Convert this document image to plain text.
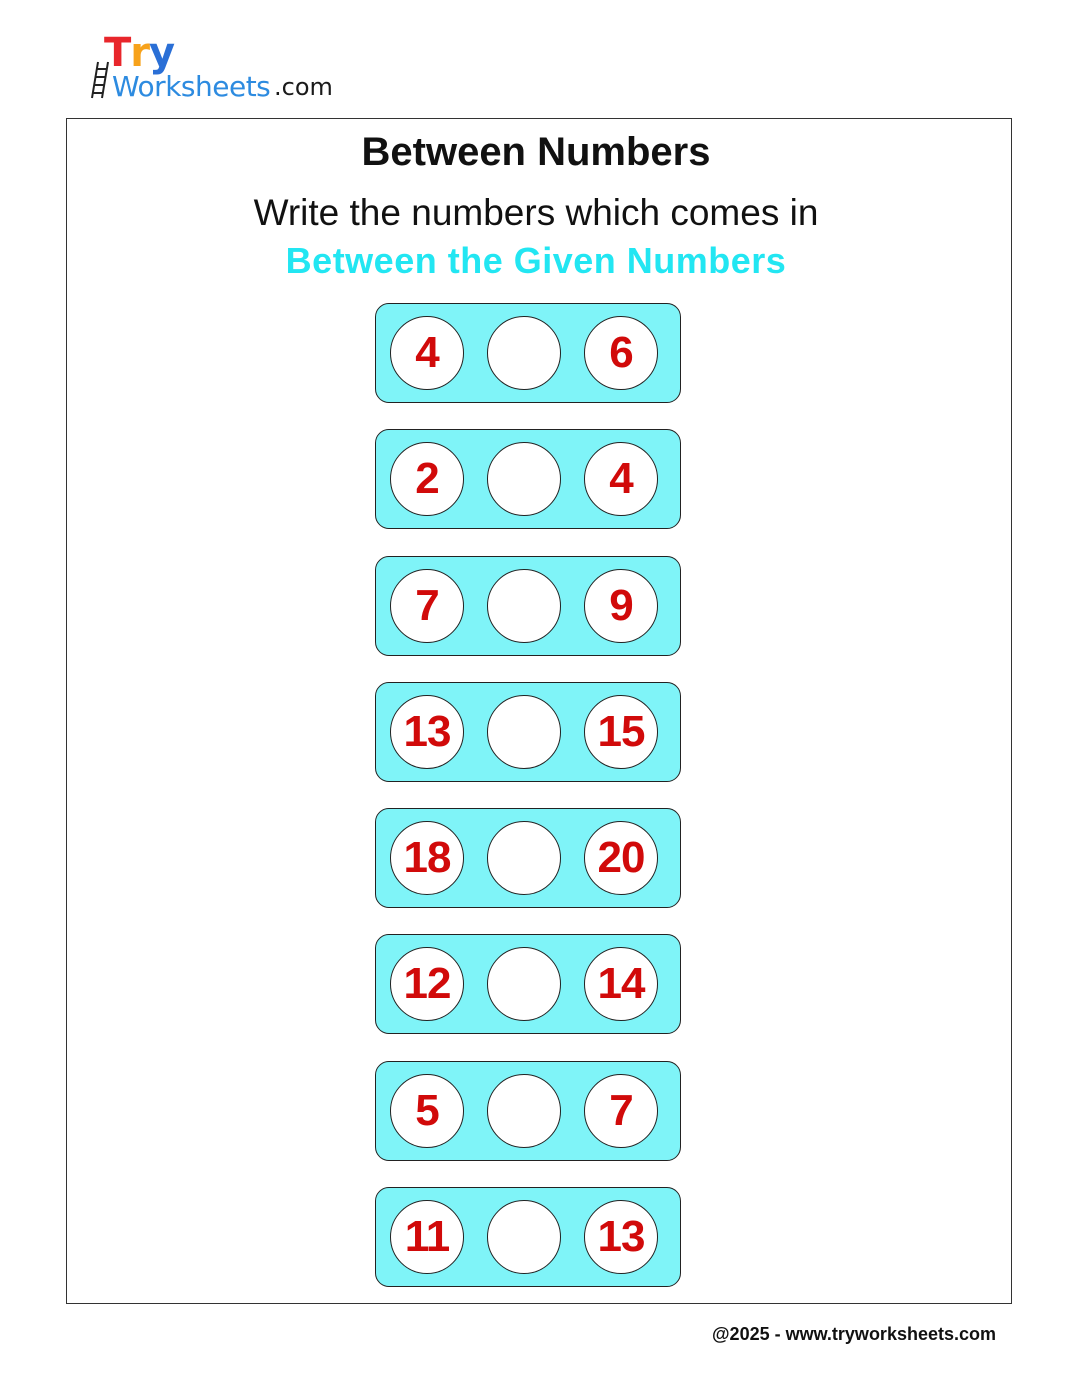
Try
Worksheets .com
Between Numbers
Write the numbers which comes in
Between the Given Numbers
4	6
2	4
7	9
13	15
18	20
12	14
5	7
11	13
@2025 - www.tryworksheets.com
